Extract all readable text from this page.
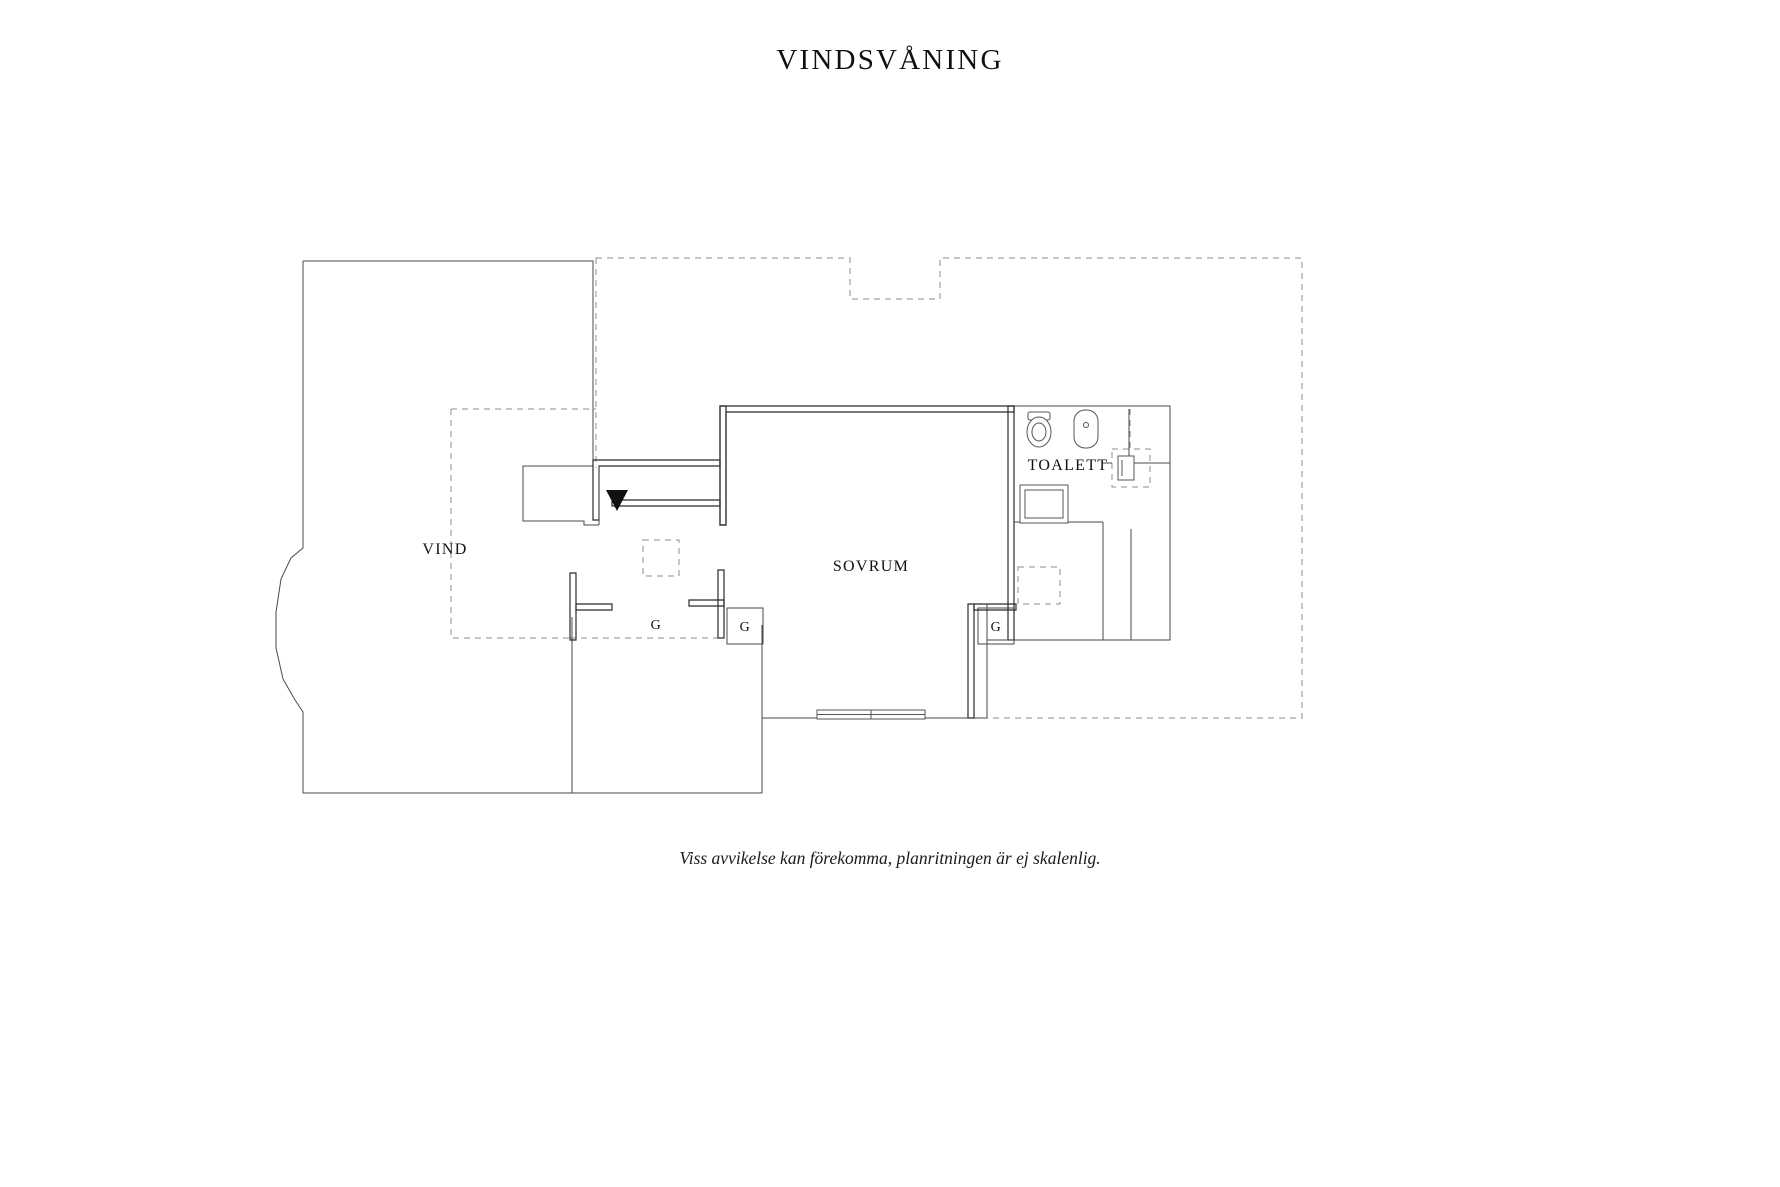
VINDSVÅNING
VIND
SOVRUM
TOALETT
G	G	G
Viss avvikelse kan förekomma, planritningen är ej skalenlig.
